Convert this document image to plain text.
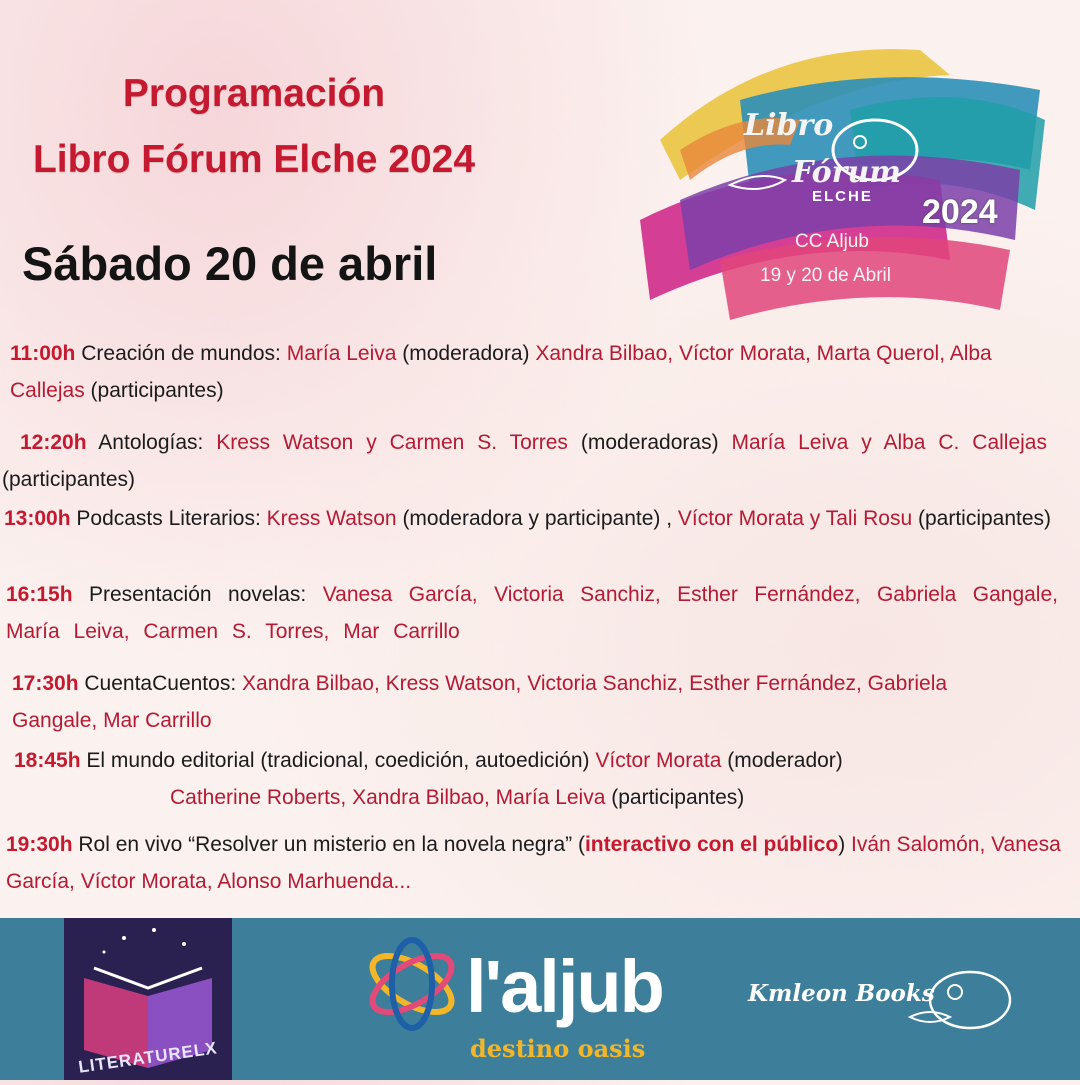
Programación
Libro Fórum Elche 2024
Sábado 20 de abril
Libro
Fórum
ELCHE 2024
CC Aljub
19 y 20 de Abril

11:00h Creación de mundos: María Leiva (moderadora) Xandra Bilbao, Víctor Morata, Marta Querol, Alba Callejas (participantes)

12:20h Antologías: Kress Watson y Carmen S. Torres (moderadoras) María Leiva y Alba C. Callejas (participantes)

13:00h Podcasts Literarios: Kress Watson (moderadora y participante) , Víctor Morata y Tali Rosu (participantes)

16:15h Presentación novelas: Vanesa García, Victoria Sanchiz, Esther Fernández, Gabriela Gangale, María Leiva, Carmen S. Torres, Mar Carrillo

17:30h CuentaCuentos: Xandra Bilbao, Kress Watson, Victoria Sanchiz, Esther Fernández, Gabriela Gangale, Mar Carrillo

18:45h El mundo editorial (tradicional, coedición, autoedición) Víctor Morata (moderador)
Catherine Roberts, Xandra Bilbao, María Leiva (participantes)

19:30h Rol en vivo “Resolver un misterio en la novela negra” (interactivo con el público) Iván Salomón, Vanesa García, Víctor Morata, Alonso Marhuenda...

LITERATURELX
l'aljub
destino oasis
Kmleon Books
